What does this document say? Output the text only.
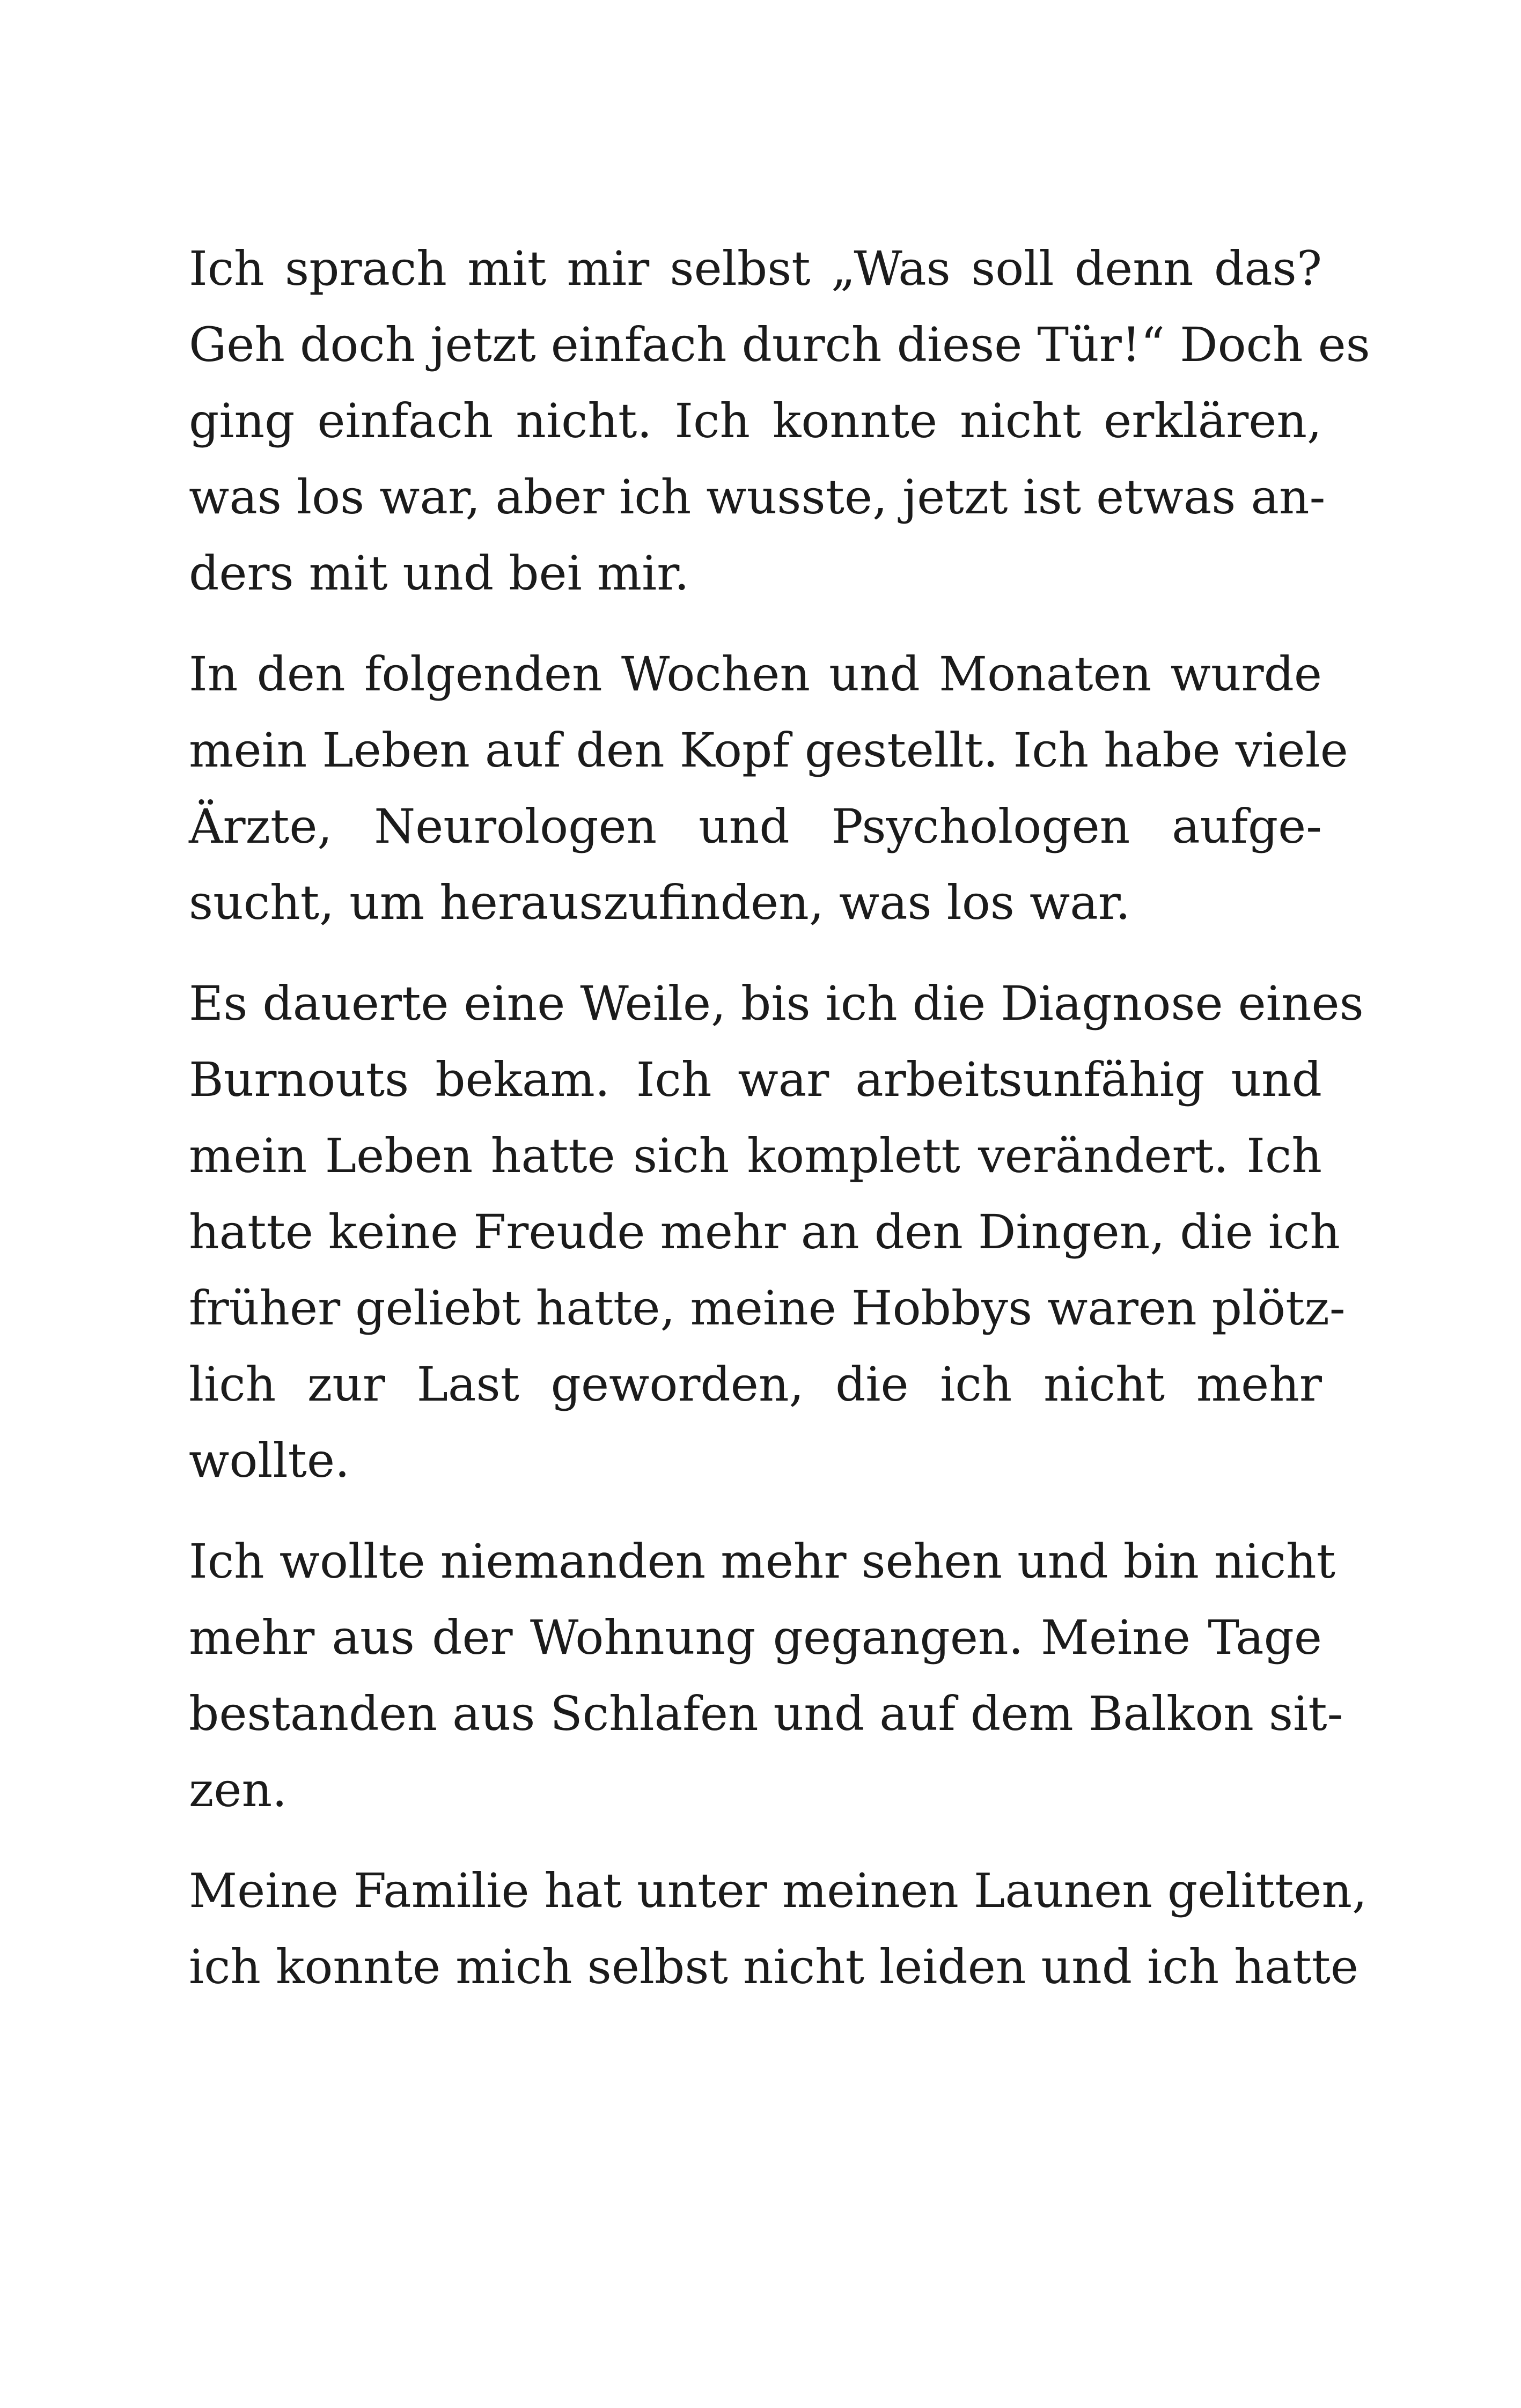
Ich sprach mit mir selbst „Was soll denn das?
Geh doch jetzt einfach durch diese Tür!“ Doch es
ging einfach nicht. Ich konnte nicht erklären,
was los war, aber ich wusste, jetzt ist etwas an-
ders mit und bei mir.
In den folgenden Wochen und Monaten wurde
mein Leben auf den Kopf gestellt. Ich habe viele
Ärzte, Neurologen und Psychologen aufge-
sucht, um herauszufinden, was los war.
Es dauerte eine Weile, bis ich die Diagnose eines
Burnouts bekam. Ich war arbeitsunfähig und
mein Leben hatte sich komplett verändert. Ich
hatte keine Freude mehr an den Dingen, die ich
früher geliebt hatte, meine Hobbys waren plötz-
lich zur Last geworden, die ich nicht mehr
wollte.
Ich wollte niemanden mehr sehen und bin nicht
mehr aus der Wohnung gegangen. Meine Tage
bestanden aus Schlafen und auf dem Balkon sit-
zen.
Meine Familie hat unter meinen Launen gelitten,
ich konnte mich selbst nicht leiden und ich hatte
